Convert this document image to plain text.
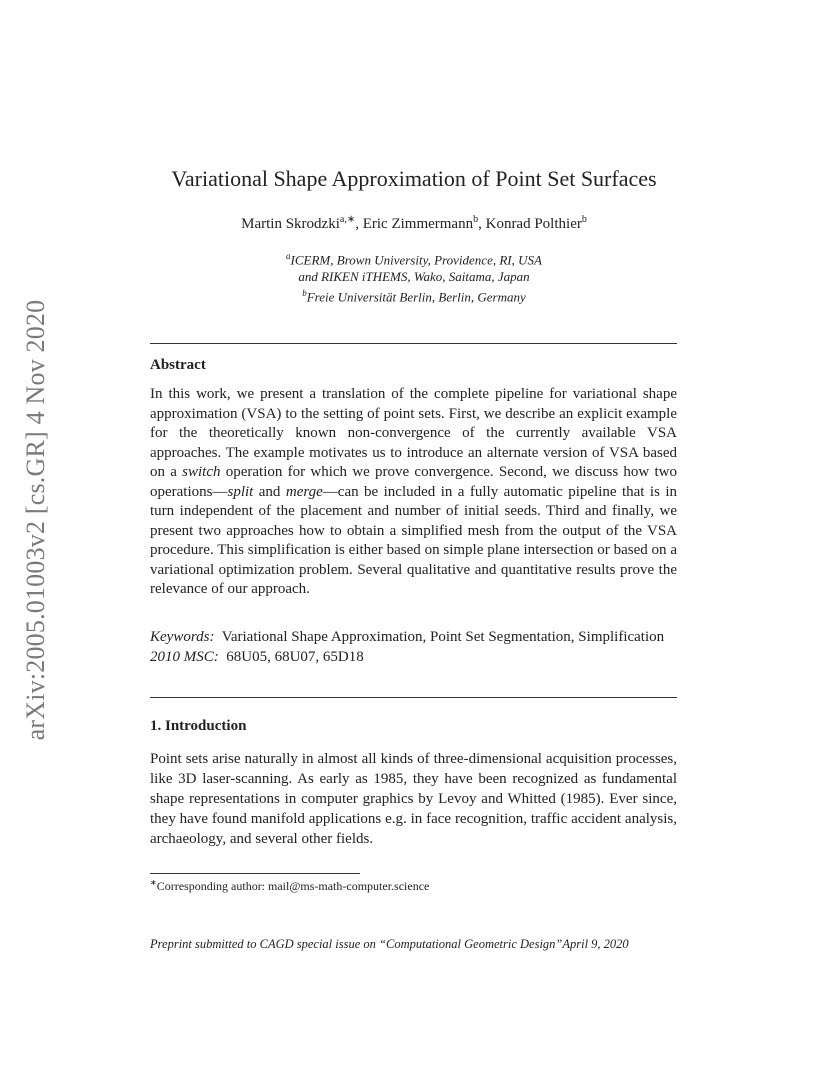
arXiv:2005.01003v2 [cs.GR] 4 Nov 2020
Variational Shape Approximation of Point Set Surfaces
Martin Skrodzki$^{a,∗}$, Eric Zimmermann$^b$, Konrad Polthier$^b$
$^a$ICERM, Brown University, Providence, RI, USA
and RIKEN iTHEMS, Wako, Saitama, Japan
$^b$Freie Universität Berlin, Berlin, Germany
Abstract
In this work, we present a translation of the complete pipeline for variational shape approximation (VSA) to the setting of point sets. First, we describe an explicit example for the theoretically known non-convergence of the currently available VSA approaches. The example motivates us to introduce an alternate version of VSA based on a switch operation for which we prove convergence. Second, we discuss how two operations—split and merge—can be included in a fully automatic pipeline that is in turn independent of the placement and number of initial seeds. Third and finally, we present two approaches how to obtain a simplified mesh from the output of the VSA procedure. This simplification is either based on simple plane intersection or based on a variational optimization problem. Several qualitative and quantitative results prove the relevance of our approach.
Keywords: Variational Shape Approximation, Point Set Segmentation, Simplification
2010 MSC: 68U05, 68U07, 65D18
1. Introduction
Point sets arise naturally in almost all kinds of three-dimensional acquisition processes, like 3D laser-scanning. As early as 1985, they have been recognized as fundamental shape representations in computer graphics by Levoy and Whitted (1985). Ever since, they have found manifold applications e.g. in face recognition, traffic accident analysis, archaeology, and several other fields.
∗Corresponding author: mail@ms-math-computer.science
Preprint submitted to CAGD special issue on “Computational Geometric Design”April 9, 2020
